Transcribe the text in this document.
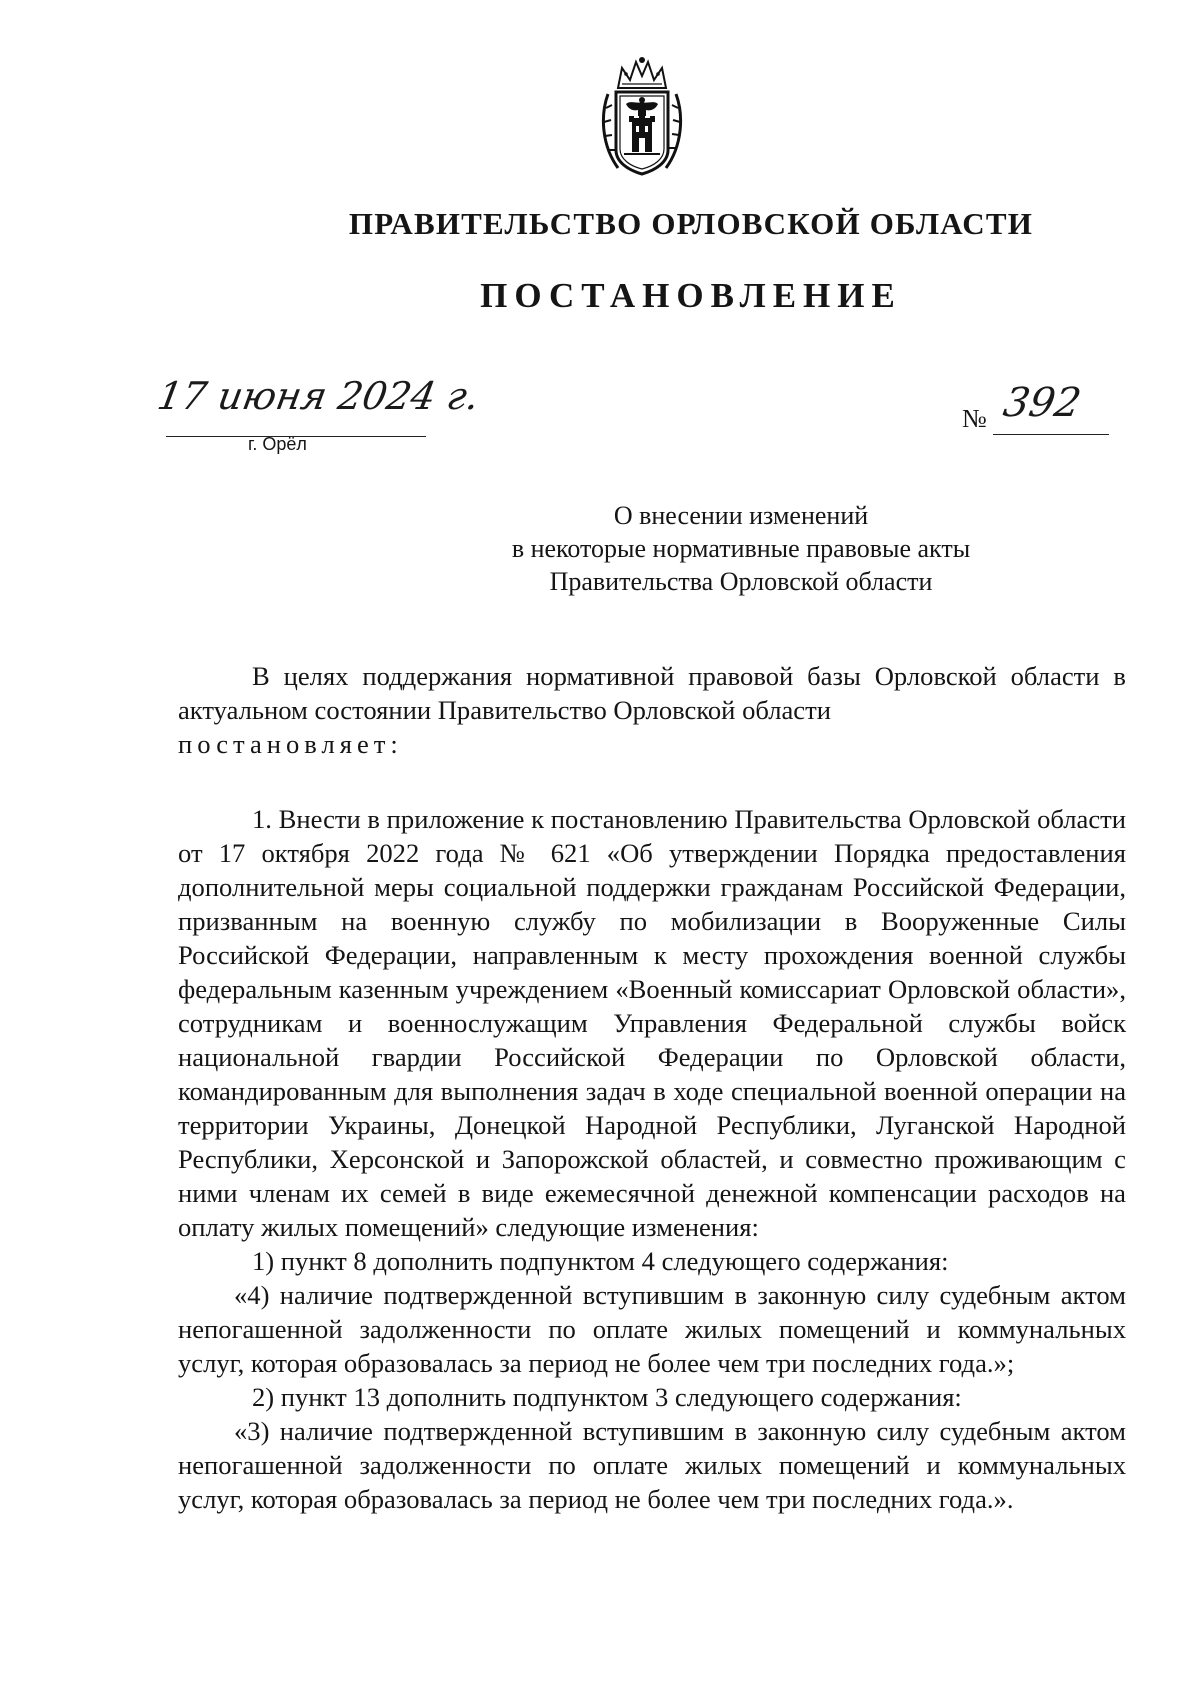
ПРАВИТЕЛЬСТВО ОРЛОВСКОЙ ОБЛАСТИ
ПОСТАНОВЛЕНИЕ
17 июня 2024 г.
г. Орёл
№ 392
О внесении изменений
в некоторые нормативные правовые акты
Правительства Орловской области

В целях поддержания нормативной правовой базы Орловской области в актуальном состоянии Правительство Орловской области

постановляет:

1. Внести в приложение к постановлению Правительства Орловской области от 17 октября 2022 года № 621 «Об утверждении Порядка предоставления дополнительной меры социальной поддержки гражданам Российской Федерации, призванным на военную службу по мобилизации в Вооруженные Силы Российской Федерации, направленным к месту прохождения военной службы федеральным казенным учреждением «Военный комиссариат Орловской области», сотрудникам и военнослужащим Управления Федеральной службы войск национальной гвардии Российской Федерации по Орловской области, командированным для выполнения задач в ходе специальной военной операции на территории Украины, Донецкой Народной Республики, Луганской Народной Республики, Херсонской и Запорожской областей, и совместно проживающим с ними членам их семей в виде ежемесячной денежной компенсации расходов на оплату жилых помещений» следующие изменения:

1) пункт 8 дополнить подпунктом 4 следующего содержания:

«4) наличие подтвержденной вступившим в законную силу судебным актом непогашенной задолженности по оплате жилых помещений и коммунальных услуг, которая образовалась за период не более чем три последних года.»;

2) пункт 13 дополнить подпунктом 3 следующего содержания:

«3) наличие подтвержденной вступившим в законную силу судебным актом непогашенной задолженности по оплате жилых помещений и коммунальных услуг, которая образовалась за период не более чем три последних года.».
